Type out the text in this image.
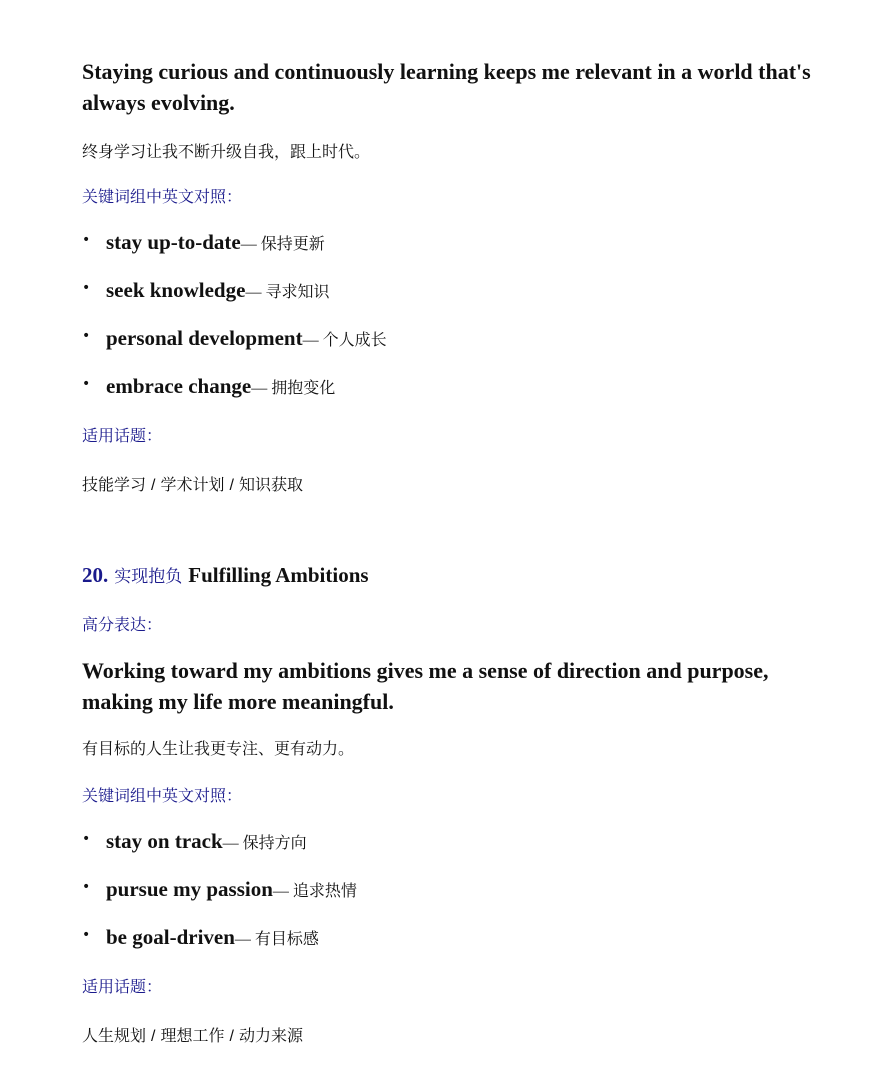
Staying curious and continuously learning keeps me relevant in a world that's always evolving.
终身学习让我不断升级自我，跟上时代。
关键词组中英文对照：
• stay up-to-date — 保持更新
• seek knowledge — 寻求知识
• personal development — 个人成长
• embrace change — 拥抱变化
适用话题：
技能学习 / 学术计划 / 知识获取
20. 实现抱负 Fulfilling Ambitions
高分表达：
Working toward my ambitions gives me a sense of direction and purpose, making my life more meaningful.
有目标的人生让我更专注、更有动力。
关键词组中英文对照：
• stay on track — 保持方向
• pursue my passion — 追求热情
• be goal-driven — 有目标感
适用话题：
人生规划 / 理想工作 / 动力来源
